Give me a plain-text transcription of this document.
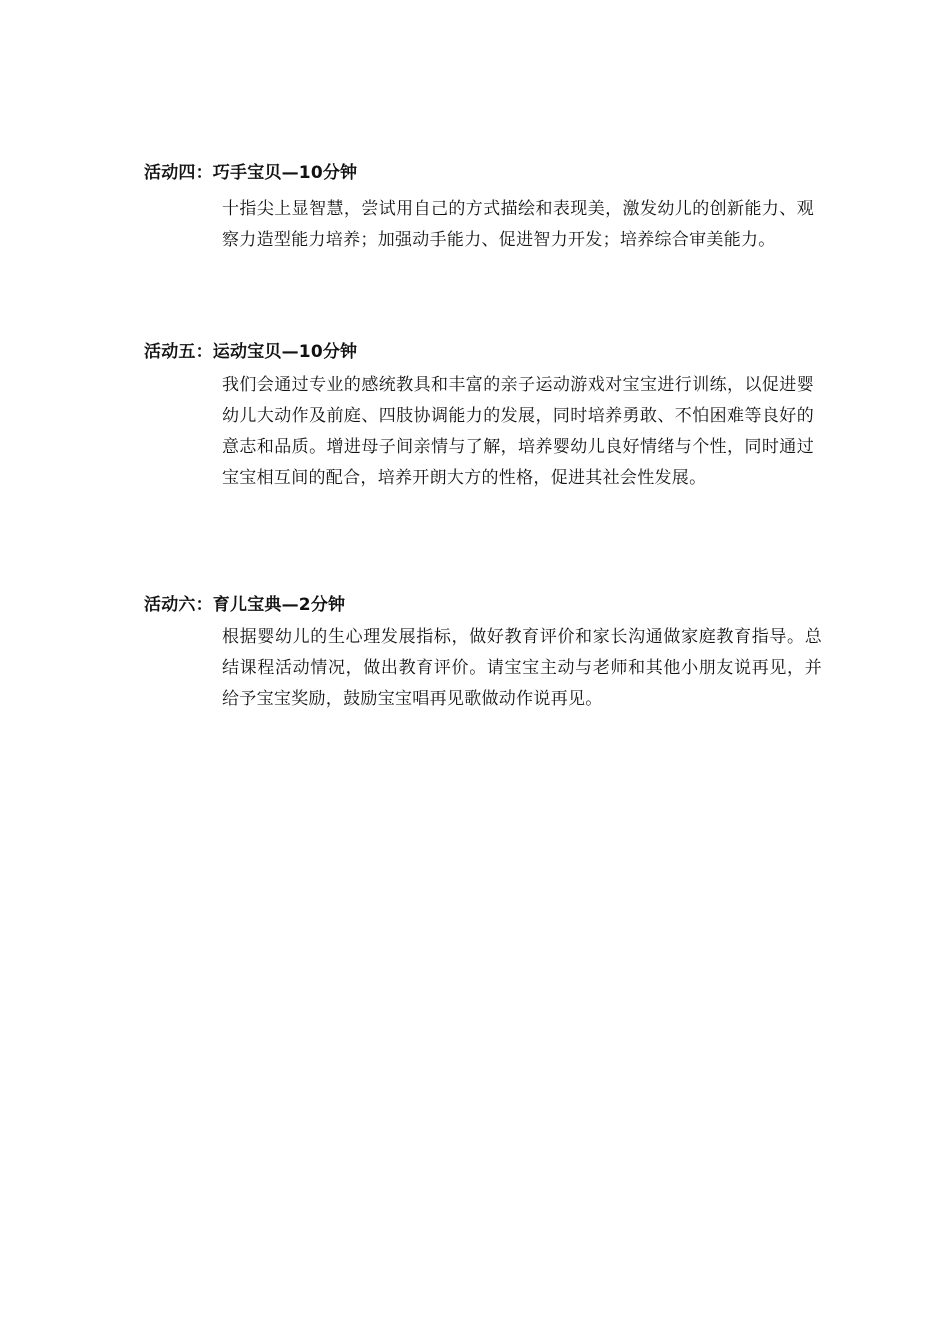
活动四：巧手宝贝—10分钟

十指尖上显智慧，尝试用自己的方式描绘和表现美，激发幼儿的创新能力、观察力造型能力培养；加强动手能力、促进智力开发；培养综合审美能力。

活动五：运动宝贝—10分钟

我们会通过专业的感统教具和丰富的亲子运动游戏对宝宝进行训练，以促进婴幼儿大动作及前庭、四肢协调能力的发展，同时培养勇敢、不怕困难等良好的意志和品质。增进母子间亲情与了解，培养婴幼儿良好情绪与个性，同时通过宝宝相互间的配合，培养开朗大方的性格，促进其社会性发展。

活动六：育儿宝典—2分钟

根据婴幼儿的生心理发展指标，做好教育评价和家长沟通做家庭教育指导。总结课程活动情况，做出教育评价。请宝宝主动与老师和其他小朋友说再见，并给予宝宝奖励，鼓励宝宝唱再见歌做动作说再见。
